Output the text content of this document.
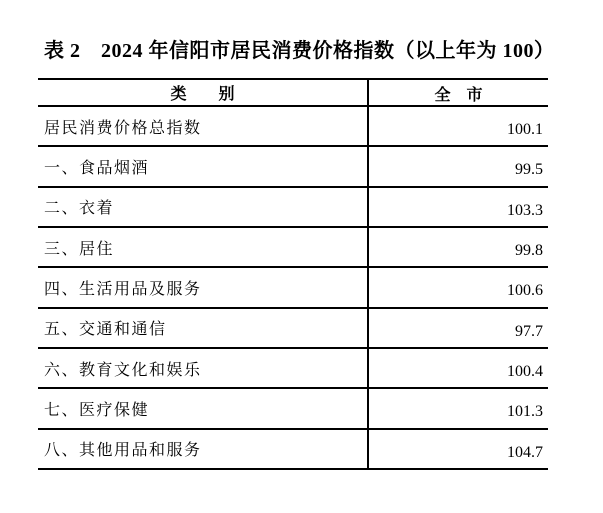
表 2　2024 年信阳市居民消费价格指数（以上年为 100）
类　　别	全　市
居民消费价格总指数	100.1
一、食品烟酒	99.5
二、衣着	103.3
三、居住	99.8
四、生活用品及服务	100.6
五、交通和通信	97.7
六、教育文化和娱乐	100.4
七、医疗保健	101.3
八、其他用品和服务	104.7
